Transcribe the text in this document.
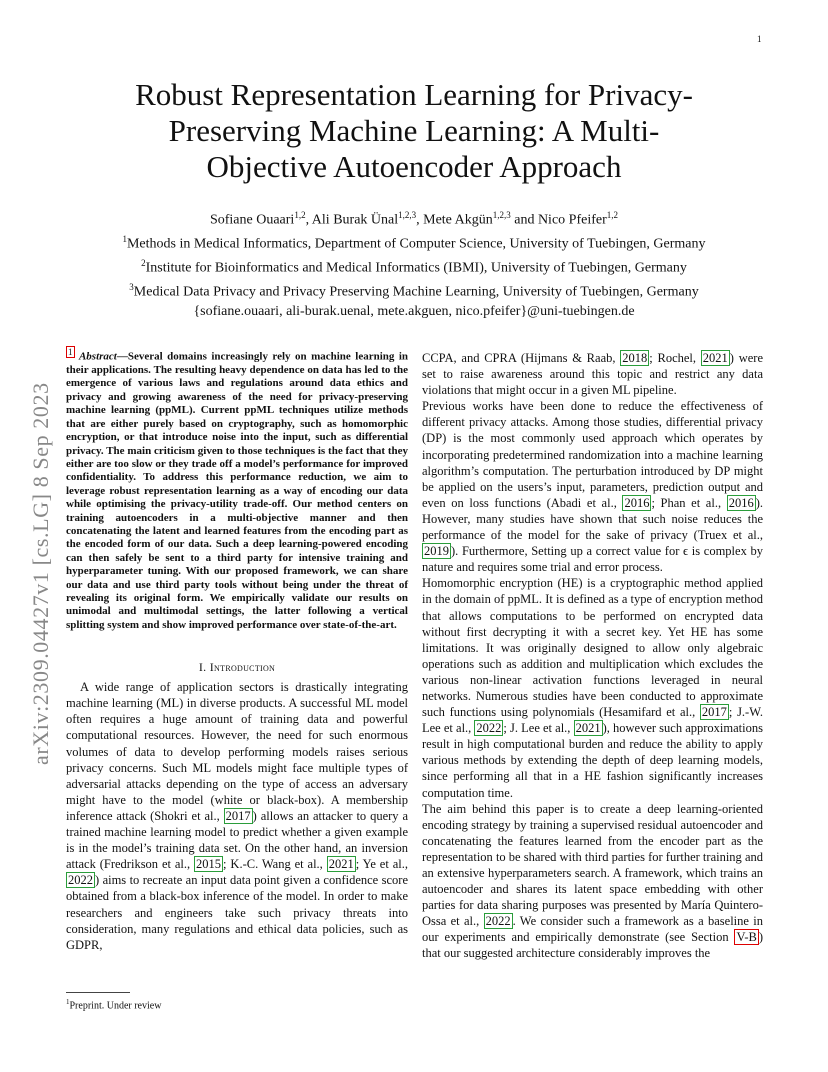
1
arXiv:2309.04427v1 [cs.LG] 8 Sep 2023
Robust Representation Learning for Privacy-Preserving Machine Learning: A Multi-Objective Autoencoder Approach
Sofiane Ouaari$^{1,2}$, Ali Burak Ünal$^{1,2,3}$, Mete Akgün$^{1,2,3}$ and Nico Pfeifer$^{1,2}$
$^1$Methods in Medical Informatics, Department of Computer Science, University of Tuebingen, Germany
$^2$Institute for Bioinformatics and Medical Informatics (IBMI), University of Tuebingen, Germany
$^3$Medical Data Privacy and Privacy Preserving Machine Learning, University of Tuebingen, Germany
{sofiane.ouaari, ali-burak.uenal, mete.akguen, nico.pfeifer}@uni-tuebingen.de

$^1$ Abstract—Several domains increasingly rely on machine learning in their applications. The resulting heavy dependence on data has led to the emergence of various laws and regulations around data ethics and privacy and growing awareness of the need for privacy-preserving machine learning (ppML). Current ppML techniques utilize methods that are either purely based on cryptography, such as homomorphic encryption, or that introduce noise into the input, such as differential privacy. The main criticism given to those techniques is the fact that they either are too slow or they trade off a model’s performance for improved confidentiality. To address this performance reduction, we aim to leverage robust representation learning as a way of encoding our data while optimising the privacy-utility trade-off. Our method centers on training autoencoders in a multi-objective manner and then concatenating the latent and learned features from the encoding part as the encoded form of our data. Such a deep learning-powered encoding can then safely be sent to a third party for intensive training and hyperparameter tuning. With our proposed framework, we can share our data and use third party tools without being under the threat of revealing its original form. We empirically validate our results on unimodal and multimodal settings, the latter following a vertical splitting system and show improved performance over state-of-the-art.

I. Introduction

A wide range of application sectors is drastically integrating machine learning (ML) in diverse products. A successful ML model often requires a huge amount of training data and powerful computational resources. However, the need for such enormous volumes of data to develop performing models raises serious privacy concerns. Such ML models might face multiple types of adversarial attacks depending on the type of access an adversary might have to the model (white or black-box). A membership inference attack (Shokri et al., 2017 ) allows an attacker to query a trained machine learning model to predict whether a given example is in the model’s training data set. On the other hand, an inversion attack (Fredrikson et al., 2015 ; K.-C. Wang et al., 2021 ; Ye et al., 2022 ) aims to recreate an input data point given a confidence score obtained from a black-box inference of the model. In order to make researchers and engineers take such privacy threats into consideration, many regulations and ethical data policies, such as GDPR,

$^1$Preprint. Under review

CCPA, and CPRA (Hijmans & Raab, 2018 ; Rochel, 2021 ) were set to raise awareness around this topic and restrict any data violations that might occur in a given ML pipeline.

Previous works have been done to reduce the effectiveness of different privacy attacks. Among those studies, differential privacy (DP) is the most commonly used approach which operates by incorporating predetermined randomization into a machine learning algorithm’s computation. The perturbation introduced by DP might be applied on the users’s input, parameters, prediction output and even on loss functions (Abadi et al., 2016 ; Phan et al., 2016 ). However, many studies have shown that such noise reduces the performance of the model for the sake of privacy (Truex et al., 2019 ). Furthermore, Setting up a correct value for ϵ is complex by nature and requires some trial and error process.

Homomorphic encryption (HE) is a cryptographic method applied in the domain of ppML. It is defined as a type of encryption method that allows computations to be performed on encrypted data without first decrypting it with a secret key. Yet HE has some limitations. It was originally designed to allow only algebraic operations such as addition and multiplication which excludes the various non-linear activation functions leveraged in neural networks. Numerous studies have been conducted to approximate such functions using polynomials (Hesamifard et al., 2017 ; J.-W. Lee et al., 2022 ; J. Lee et al., 2021 ), however such approximations result in high computational burden and reduce the ability to apply various methods by extending the depth of deep learning models, since performing all that in a HE fashion significantly increases computation time.

The aim behind this paper is to create a deep learning-oriented encoding strategy by training a supervised residual autoencoder and concatenating the features learned from the encoder part as the representation to be shared with third parties for further training and an extensive hyperparameters search. A framework, which trains an autoencoder and shares its latent space embedding with other parties for data sharing purposes was presented by María Quintero-Ossa et al., 2022 . We consider such a framework as a baseline in our experiments and empirically demonstrate (see Section V-B ) that our suggested architecture considerably improves the
